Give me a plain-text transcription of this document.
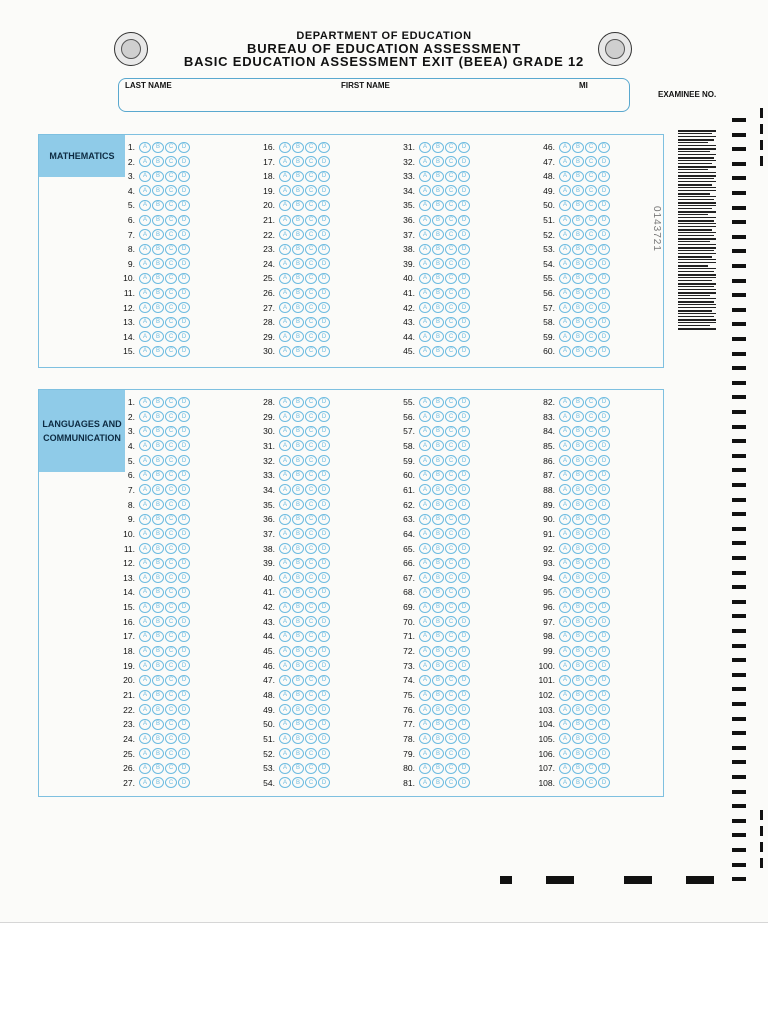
DEPARTMENT OF EDUCATION
BUREAU OF EDUCATION ASSESSMENT
BASIC EDUCATION ASSESSMENT EXIT (BEEA) GRADE 12
LAST NAME	FIRST NAME	MI
EXAMINEE NO.
MATHEMATICS
1.	A	B	C	D
2.	A	B	C	D
3.	A	B	C	D
4.	A	B	C	D
5.	A	B	C	D
6.	A	B	C	D
7.	A	B	C	D
8.	A	B	C	D
9.	A	B	C	D
10.	A	B	C	D
11.	A	B	C	D
12.	A	B	C	D
13.	A	B	C	D
14.	A	B	C	D
15.	A	B	C	D
16.	A	B	C	D
17.	A	B	C	D
18.	A	B	C	D
19.	A	B	C	D
20.	A	B	C	D
21.	A	B	C	D
22.	A	B	C	D
23.	A	B	C	D
24.	A	B	C	D
25.	A	B	C	D
26.	A	B	C	D
27.	A	B	C	D
28.	A	B	C	D
29.	A	B	C	D
30.	A	B	C	D
31.	A	B	C	D
32.	A	B	C	D
33.	A	B	C	D
34.	A	B	C	D
35.	A	B	C	D
36.	A	B	C	D
37.	A	B	C	D
38.	A	B	C	D
39.	A	B	C	D
40.	A	B	C	D
41.	A	B	C	D
42.	A	B	C	D
43.	A	B	C	D
44.	A	B	C	D
45.	A	B	C	D
46.	A	B	C	D
47.	A	B	C	D
48.	A	B	C	D
49.	A	B	C	D
50.	A	B	C	D
51.	A	B	C	D
52.	A	B	C	D
53.	A	B	C	D
54.	A	B	C	D
55.	A	B	C	D
56.	A	B	C	D
57.	A	B	C	D
58.	A	B	C	D
59.	A	B	C	D
60.	A	B	C	D
LANGUAGES AND
COMMUNICATION
1.	A	B	C	D
2.	A	B	C	D
3.	A	B	C	D
4.	A	B	C	D
5.	A	B	C	D
6.	A	B	C	D
7.	A	B	C	D
8.	A	B	C	D
9.	A	B	C	D
10.	A	B	C	D
11.	A	B	C	D
12.	A	B	C	D
13.	A	B	C	D
14.	A	B	C	D
15.	A	B	C	D
16.	A	B	C	D
17.	A	B	C	D
18.	A	B	C	D
19.	A	B	C	D
20.	A	B	C	D
21.	A	B	C	D
22.	A	B	C	D
23.	A	B	C	D
24.	A	B	C	D
25.	A	B	C	D
26.	A	B	C	D
27.	A	B	C	D
28.	A	B	C	D
29.	A	B	C	D
30.	A	B	C	D
31.	A	B	C	D
32.	A	B	C	D
33.	A	B	C	D
34.	A	B	C	D
35.	A	B	C	D
36.	A	B	C	D
37.	A	B	C	D
38.	A	B	C	D
39.	A	B	C	D
40.	A	B	C	D
41.	A	B	C	D
42.	A	B	C	D
43.	A	B	C	D
44.	A	B	C	D
45.	A	B	C	D
46.	A	B	C	D
47.	A	B	C	D
48.	A	B	C	D
49.	A	B	C	D
50.	A	B	C	D
51.	A	B	C	D
52.	A	B	C	D
53.	A	B	C	D
54.	A	B	C	D
55.	A	B	C	D
56.	A	B	C	D
57.	A	B	C	D
58.	A	B	C	D
59.	A	B	C	D
60.	A	B	C	D
61.	A	B	C	D
62.	A	B	C	D
63.	A	B	C	D
64.	A	B	C	D
65.	A	B	C	D
66.	A	B	C	D
67.	A	B	C	D
68.	A	B	C	D
69.	A	B	C	D
70.	A	B	C	D
71.	A	B	C	D
72.	A	B	C	D
73.	A	B	C	D
74.	A	B	C	D
75.	A	B	C	D
76.	A	B	C	D
77.	A	B	C	D
78.	A	B	C	D
79.	A	B	C	D
80.	A	B	C	D
81.	A	B	C	D
82.	A	B	C	D
83.	A	B	C	D
84.	A	B	C	D
85.	A	B	C	D
86.	A	B	C	D
87.	A	B	C	D
88.	A	B	C	D
89.	A	B	C	D
90.	A	B	C	D
91.	A	B	C	D
92.	A	B	C	D
93.	A	B	C	D
94.	A	B	C	D
95.	A	B	C	D
96.	A	B	C	D
97.	A	B	C	D
98.	A	B	C	D
99.	A	B	C	D
100.	A	B	C	D
101.	A	B	C	D
102.	A	B	C	D
103.	A	B	C	D
104.	A	B	C	D
105.	A	B	C	D
106.	A	B	C	D
107.	A	B	C	D
108.	A	B	C	D
0143721
